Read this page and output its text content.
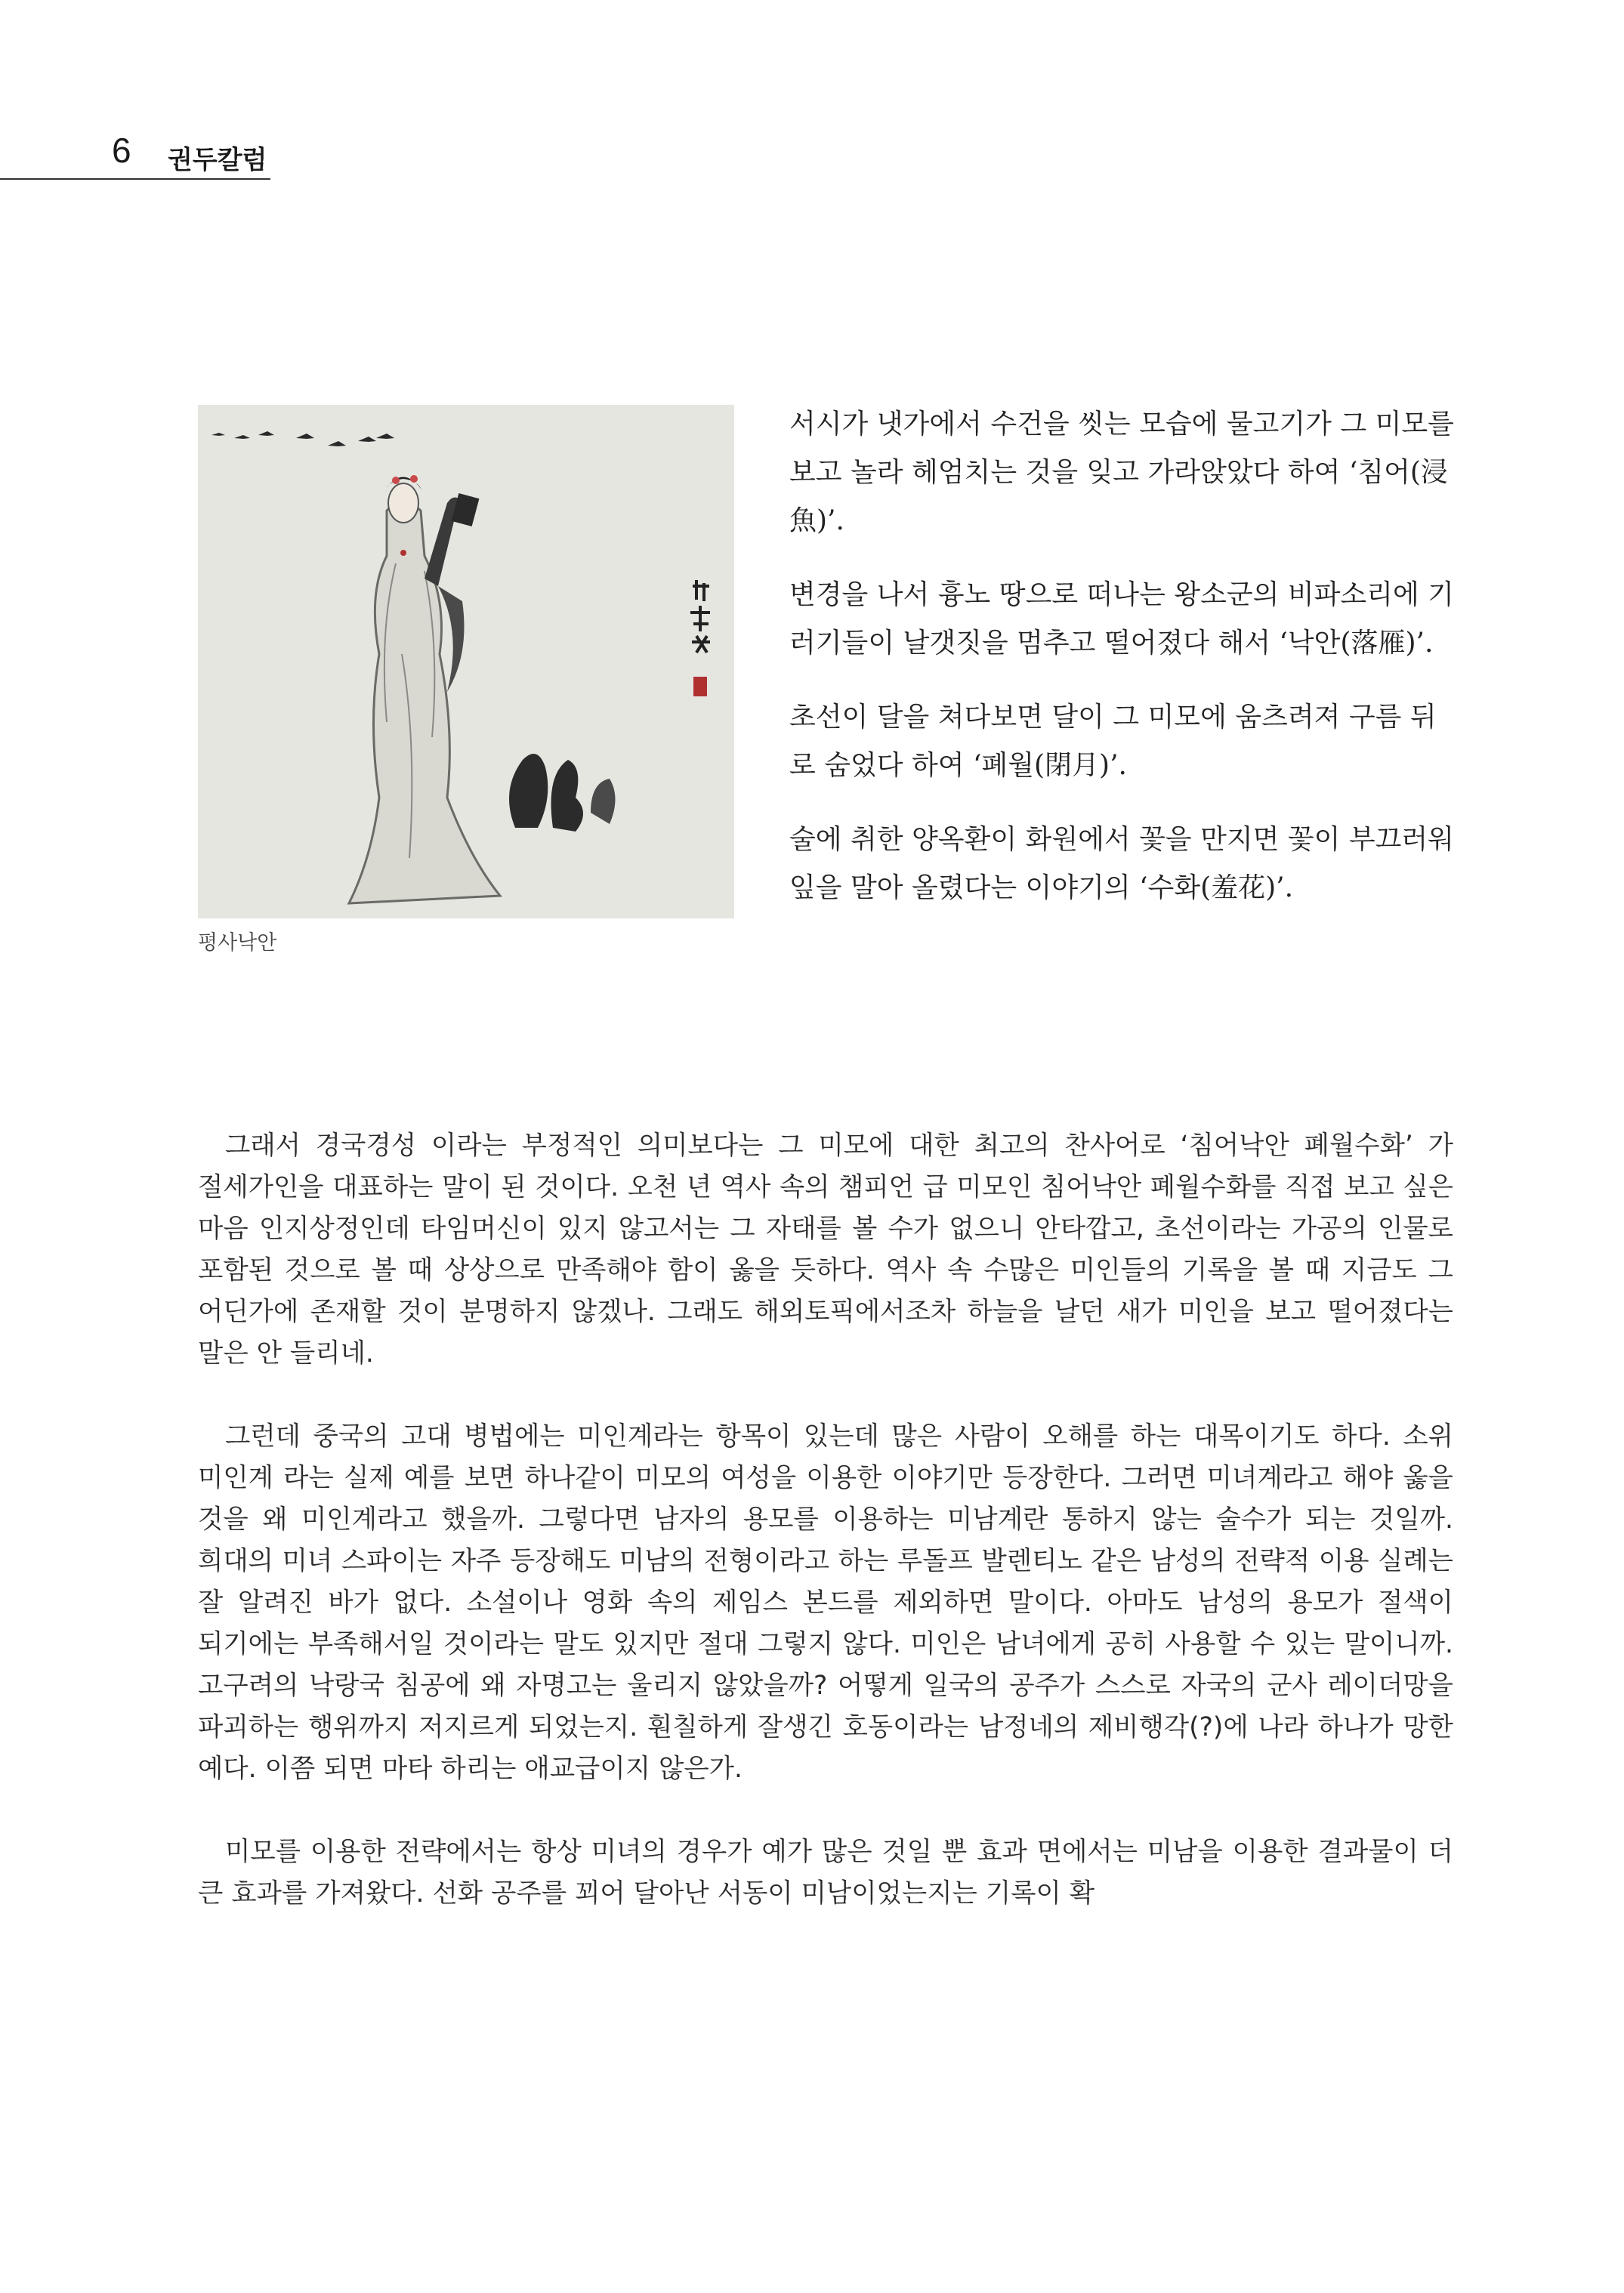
6 권두칼럼
평사낙안

서시가 냇가에서 수건을 씻는 모습에 물고기가 그 미모를 보고 놀라 헤엄치는 것을 잊고 가라앉았다 하여 ‘침어(浸魚)’.

변경을 나서 흉노 땅으로 떠나는 왕소군의 비파소리에 기러기들이 날갯짓을 멈추고 떨어졌다 해서 ‘낙안(落雁)’.

초선이 달을 쳐다보면 달이 그 미모에 움츠려져 구름 뒤로 숨었다 하여 ‘폐월(閉月)’.

술에 취한 양옥환이 화원에서 꽃을 만지면 꽃이 부끄러워 잎을 말아 올렸다는 이야기의 ‘수화(羞花)’.

그래서 경국경성 이라는 부정적인 의미보다는 그 미모에 대한 최고의 찬사어로 ‘침어낙안 폐월수화’ 가 절세가인을 대표하는 말이 된 것이다. 오천 년 역사 속의 챔피언 급 미모인 침어낙안 폐월수화를 직접 보고 싶은 마음 인지상정인데 타임머신이 있지 않고서는 그 자태를 볼 수가 없으니 안타깝고, 초선이라는 가공의 인물로 포함된 것으로 볼 때 상상으로 만족해야 함이 옳을 듯하다. 역사 속 수많은 미인들의 기록을 볼 때 지금도 그 어딘가에 존재할 것이 분명하지 않겠나. 그래도 해외토픽에서조차 하늘을 날던 새가 미인을 보고 떨어졌다는 말은 안 들리네.

그런데 중국의 고대 병법에는 미인계라는 항목이 있는데 많은 사람이 오해를 하는 대목이기도 하다. 소위 미인계 라는 실제 예를 보면 하나같이 미모의 여성을 이용한 이야기만 등장한다. 그러면 미녀계라고 해야 옳을 것을 왜 미인계라고 했을까. 그렇다면 남자의 용모를 이용하는 미남계란 통하지 않는 술수가 되는 것일까. 희대의 미녀 스파이는 자주 등장해도 미남의 전형이라고 하는 루돌프 발렌티노 같은 남성의 전략적 이용 실례는 잘 알려진 바가 없다. 소설이나 영화 속의 제임스 본드를 제외하면 말이다. 아마도 남성의 용모가 절색이 되기에는 부족해서일 것이라는 말도 있지만 절대 그렇지 않다. 미인은 남녀에게 공히 사용할 수 있는 말이니까. 고구려의 낙랑국 침공에 왜 자명고는 울리지 않았을까? 어떻게 일국의 공주가 스스로 자국의 군사 레이더망을 파괴하는 행위까지 저지르게 되었는지. 훤칠하게 잘생긴 호동이라는 남정네의 제비행각(?)에 나라 하나가 망한 예다. 이쯤 되면 마타 하리는 애교급이지 않은가.

미모를 이용한 전략에서는 항상 미녀의 경우가 예가 많은 것일 뿐 효과 면에서는 미남을 이용한 결과물이 더 큰 효과를 가져왔다. 선화 공주를 꾀어 달아난 서동이 미남이었는지는 기록이 확
